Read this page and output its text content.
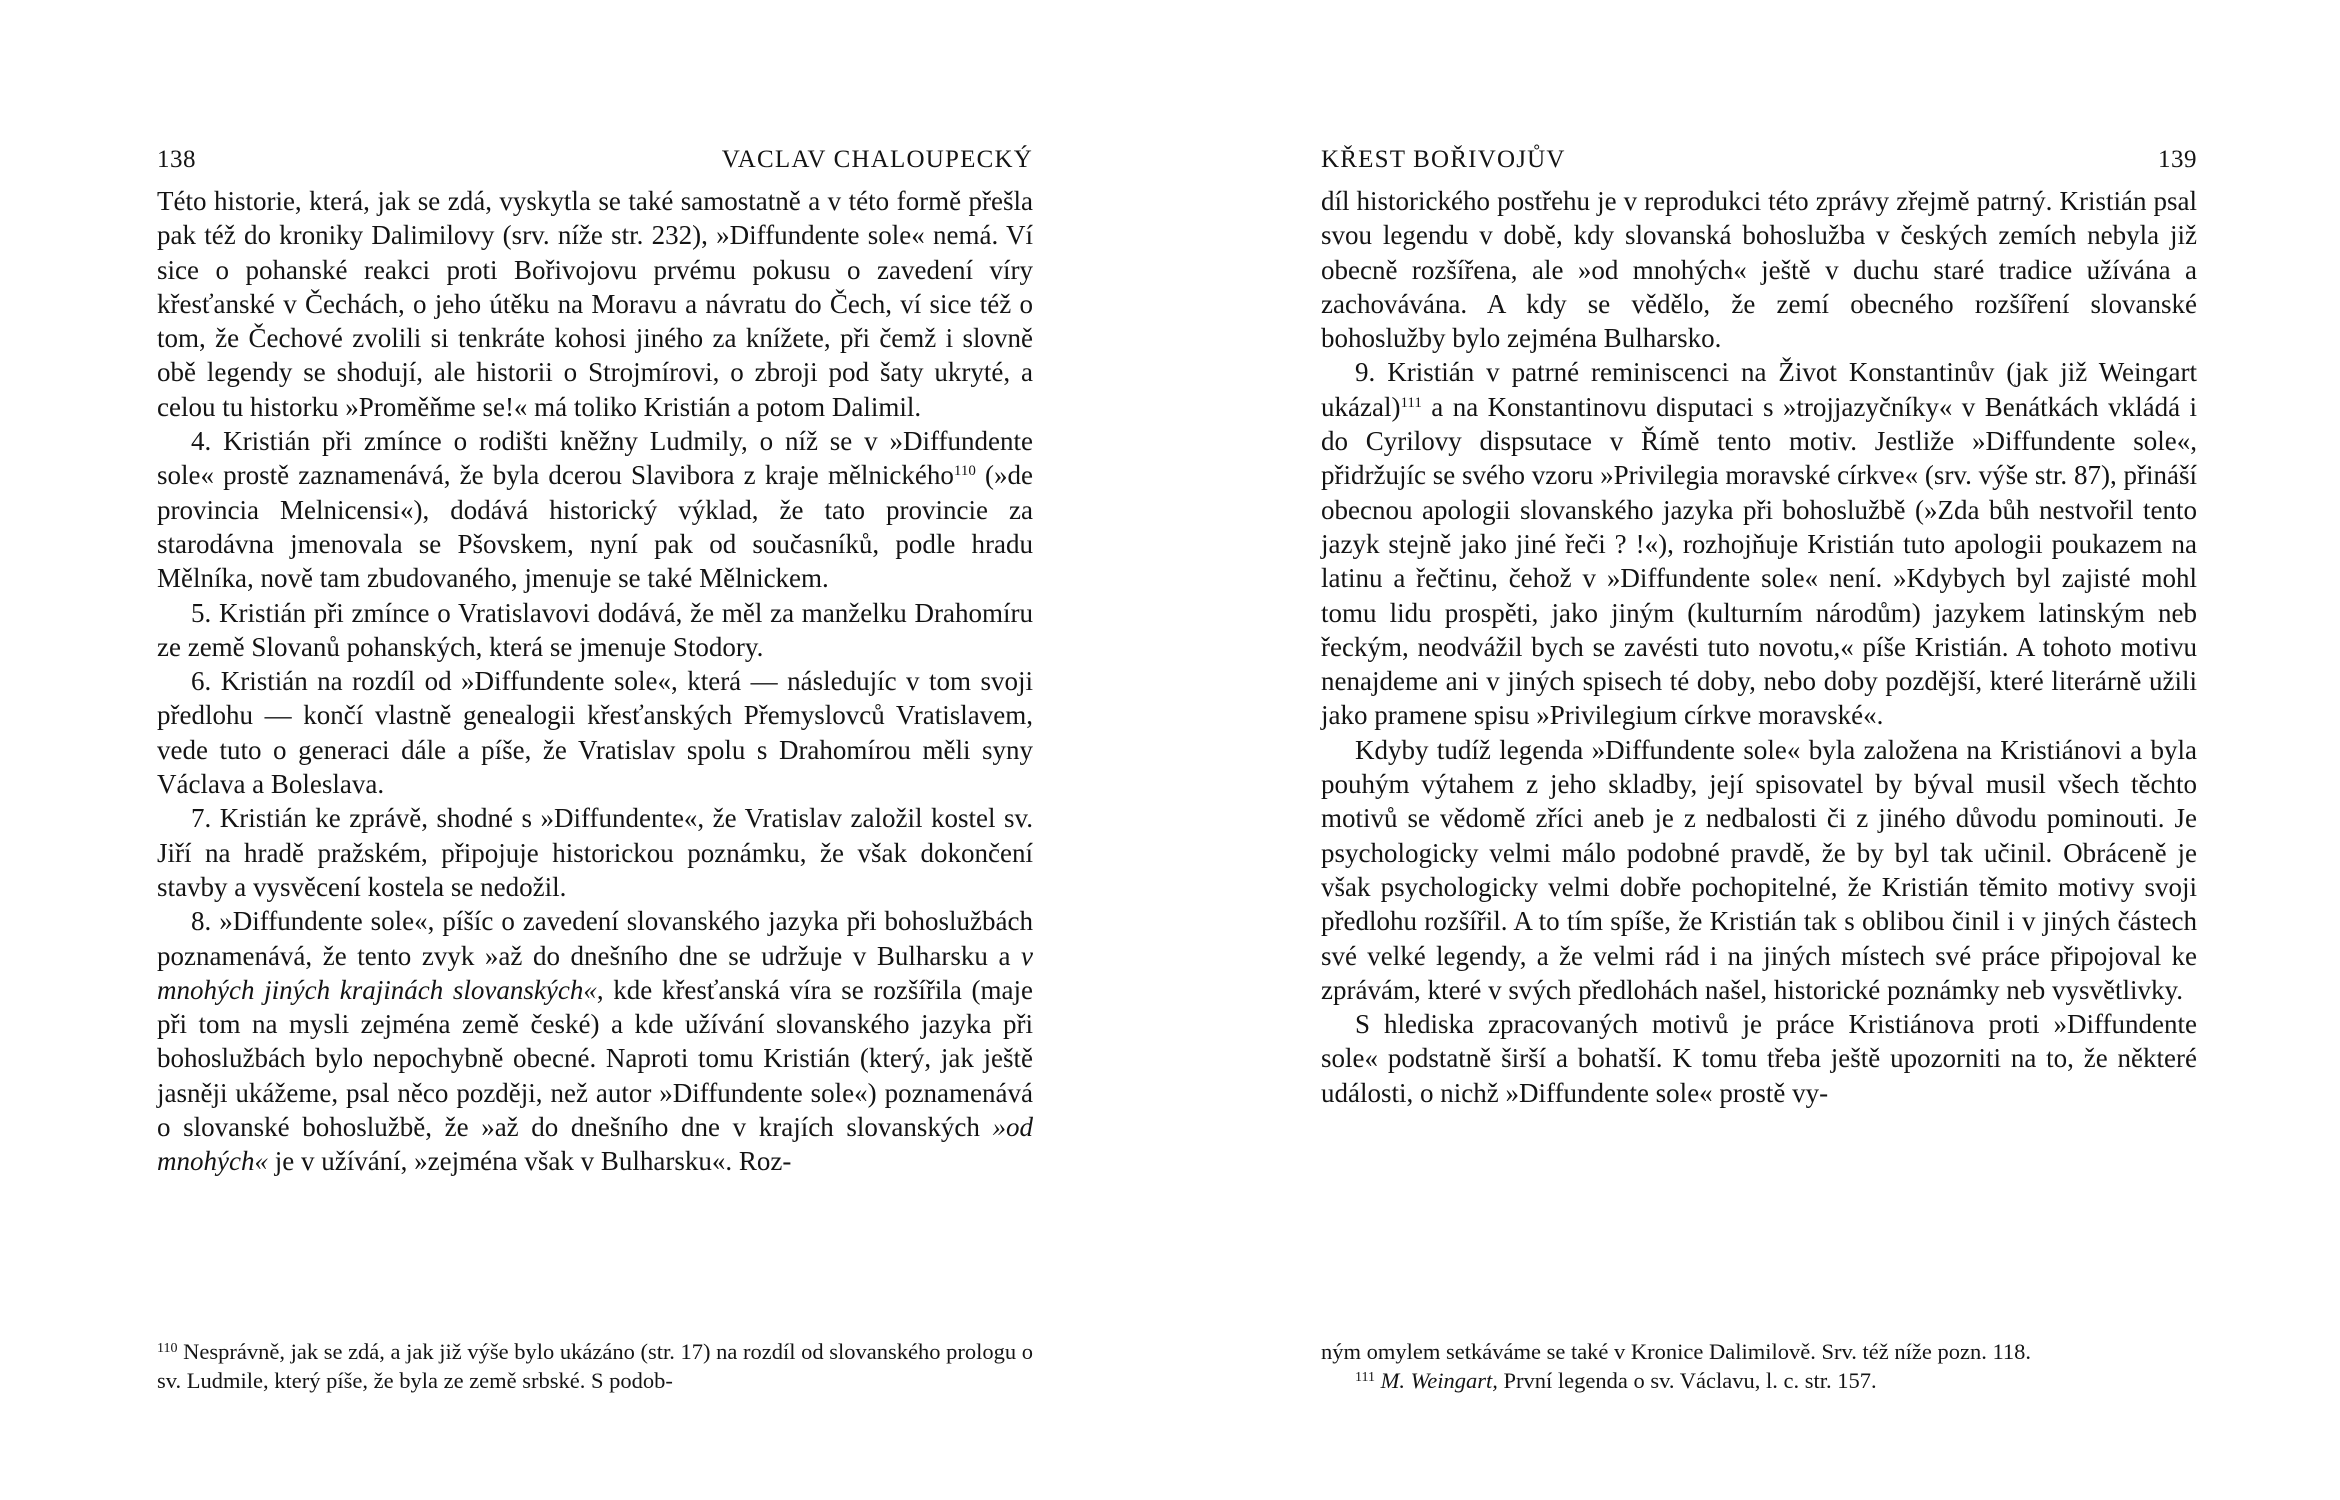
138	VACLAV CHALOUPECKÝ

Této historie, která, jak se zdá, vyskytla se také samostatně a v této formě přešla pak též do kroniky Dalimilovy (srv. níže str. 232), »Diffundente sole« nemá. Ví sice o pohanské reakci proti Bořivojovu prvému pokusu o zavedení víry křesťanské v Čechách, o jeho útěku na Moravu a návratu do Čech, ví sice též o tom, že Čechové zvolili si tenkráte kohosi jiného za knížete, při čemž i slovně obě legendy se shodují, ale historii o Strojmírovi, o zbroji pod šaty ukryté, a celou tu historku »Proměňme se!« má toliko Kristián a potom Dalimil.

4. Kristián při zmínce o rodišti kněžny Ludmily, o níž se v »Diffundente sole« prostě zaznamenává, že byla dcerou Slavibora z kraje mělnického$^{110}$ (»de provincia Melnicensi«), dodává historický výklad, že tato provincie za starodávna jmenovala se Pšovskem, nyní pak od současníků, podle hradu Mělníka, nově tam zbudovaného, jmenuje se také Mělnickem.

5. Kristián při zmínce o Vratislavovi dodává, že měl za manželku Drahomíru ze země Slovanů pohanských, která se jmenuje Stodory.

6. Kristián na rozdíl od »Diffundente sole«, která — následujíc v tom svoji předlohu — končí vlastně genealogii křesťanských Přemyslovců Vratislavem, vede tuto o generaci dále a píše, že Vratislav spolu s Drahomírou měli syny Václava a Boleslava.

7. Kristián ke zprávě, shodné s »Diffundente«, že Vratislav založil kostel sv. Jiří na hradě pražském, připojuje historickou poznámku, že však dokončení stavby a vysvěcení kostela se nedožil.

8. »Diffundente sole«, píšíc o zavedení slovanského jazyka při bohoslužbách poznamenává, že tento zvyk »až do dnešního dne se udržuje v Bulharsku a v mnohých jiných krajinách slovanských«, kde křesťanská víra se rozšířila (maje při tom na mysli zejména země české) a kde užívání slovanského jazyka při bohoslužbách bylo nepochybně obecné. Naproti tomu Kristián (který, jak ještě jasněji ukážeme, psal něco později, než autor »Diffundente sole«) poznamenává o slovanské bohoslužbě, že »až do dnešního dne v krajích slovanských »od mnohých« je v užívání, »zejména však v Bulharsku«. Roz-

$^{110}$ Nesprávně, jak se zdá, a jak již výše bylo ukázáno (str. 17) na rozdíl od slovanského prologu o sv. Ludmile, který píše, že byla ze země srbské. S podob-

KŘEST BOŘIVOJŮV	139

díl historického postřehu je v reprodukci této zprávy zřejmě patrný. Kristián psal svou legendu v době, kdy slovanská bohoslužba v českých zemích nebyla již obecně rozšířena, ale »od mnohých« ještě v duchu staré tradice užívána a zachovávána. A kdy se vědělo, že zemí obecného rozšíření slovanské bohoslužby bylo zejména Bulharsko.

9. Kristián v patrné reminiscenci na Život Konstantinův (jak již Weingart ukázal)$^{111}$ a na Konstantinovu disputaci s »trojjazyčníky« v Benátkách vkládá i do Cyrilovy dispsutace v Římě tento motiv. Jestliže »Diffundente sole«, přidržujíc se svého vzoru »Privilegia moravské církve« (srv. výše str. 87), přináší obecnou apologii slovanského jazyka při bohoslužbě (»Zda bůh nestvořil tento jazyk stejně jako jiné řeči ? !«), rozhojňuje Kristián tuto apologii poukazem na latinu a řečtinu, čehož v »Diffundente sole« není. »Kdybych byl zajisté mohl tomu lidu prospěti, jako jiným (kulturním národům) jazykem latinským neb řeckým, neodvážil bych se zavésti tuto novotu,« píše Kristián. A tohoto motivu nenajdeme ani v jiných spisech té doby, nebo doby pozdější, které literárně užili jako pramene spisu »Privilegium církve moravské«.

Kdyby tudíž legenda »Diffundente sole« byla založena na Kristiánovi a byla pouhým výtahem z jeho skladby, její spisovatel by býval musil všech těchto motivů se vědomě zříci aneb je z nedbalosti či z jiného důvodu pominouti. Je psychologicky velmi málo podobné pravdě, že by byl tak učinil. Obráceně je však psychologicky velmi dobře pochopitelné, že Kristián těmito motivy svoji předlohu rozšířil. A to tím spíše, že Kristián tak s oblibou činil i v jiných částech své velké legendy, a že velmi rád i na jiných místech své práce připojoval ke zprávám, které v svých předlohách našel, historické poznámky neb vysvětlivky.

S hlediska zpracovaných motivů je práce Kristiánova proti »Diffundente sole« podstatně širší a bohatší. K tomu třeba ještě upozorniti na to, že některé události, o nichž »Diffundente sole« prostě vy-

ným omylem setkáváme se také v Kronice Dalimilově. Srv. též níže pozn. 118.

$^{111}$ M. Weingart, První legenda o sv. Václavu, l. c. str. 157.
